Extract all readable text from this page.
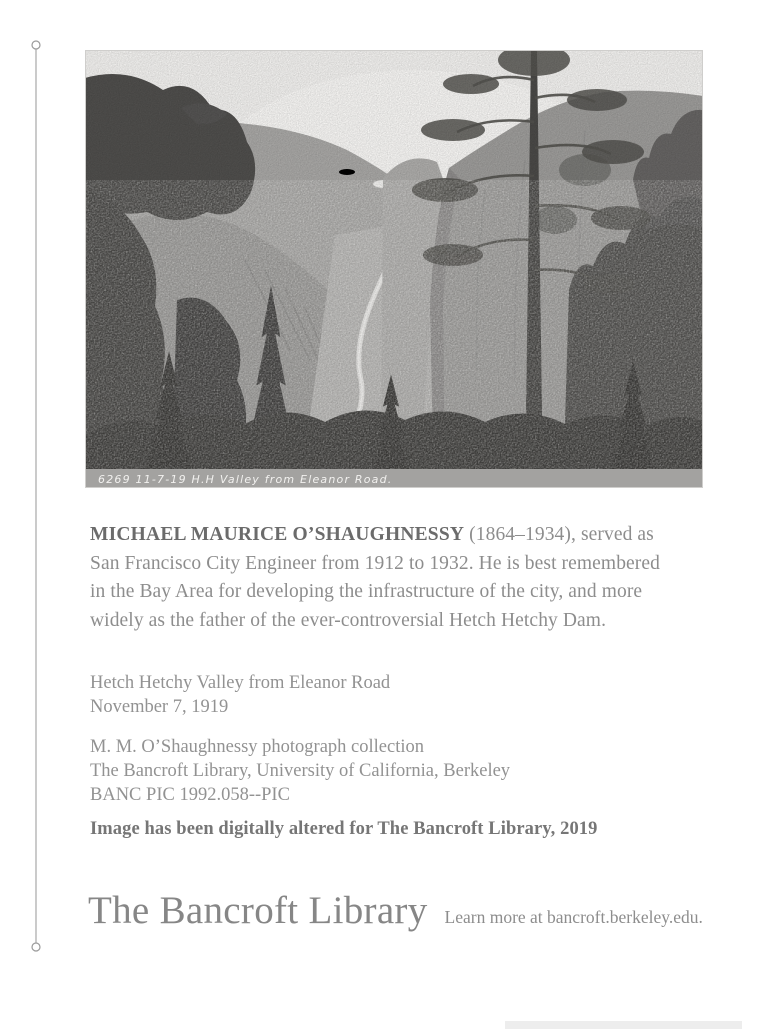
6269 11-7-19 H.H Valley from Eleanor Road.
MICHAEL MAURICE O’SHAUGHNESSY (1864–1934), served as
San Francisco City Engineer from 1912 to 1932. He is best remembered
in the Bay Area for developing the infrastructure of the city, and more
widely as the father of the ever-controversial Hetch Hetchy Dam.
Hetch Hetchy Valley from Eleanor Road
November 7, 1919
M. M. O’Shaughnessy photograph collection
The Bancroft Library, University of California, Berkeley
BANC PIC 1992.058--PIC
Image has been digitally altered for The Bancroft Library, 2019
The Bancroft Library Learn more at bancroft.berkeley.edu.
